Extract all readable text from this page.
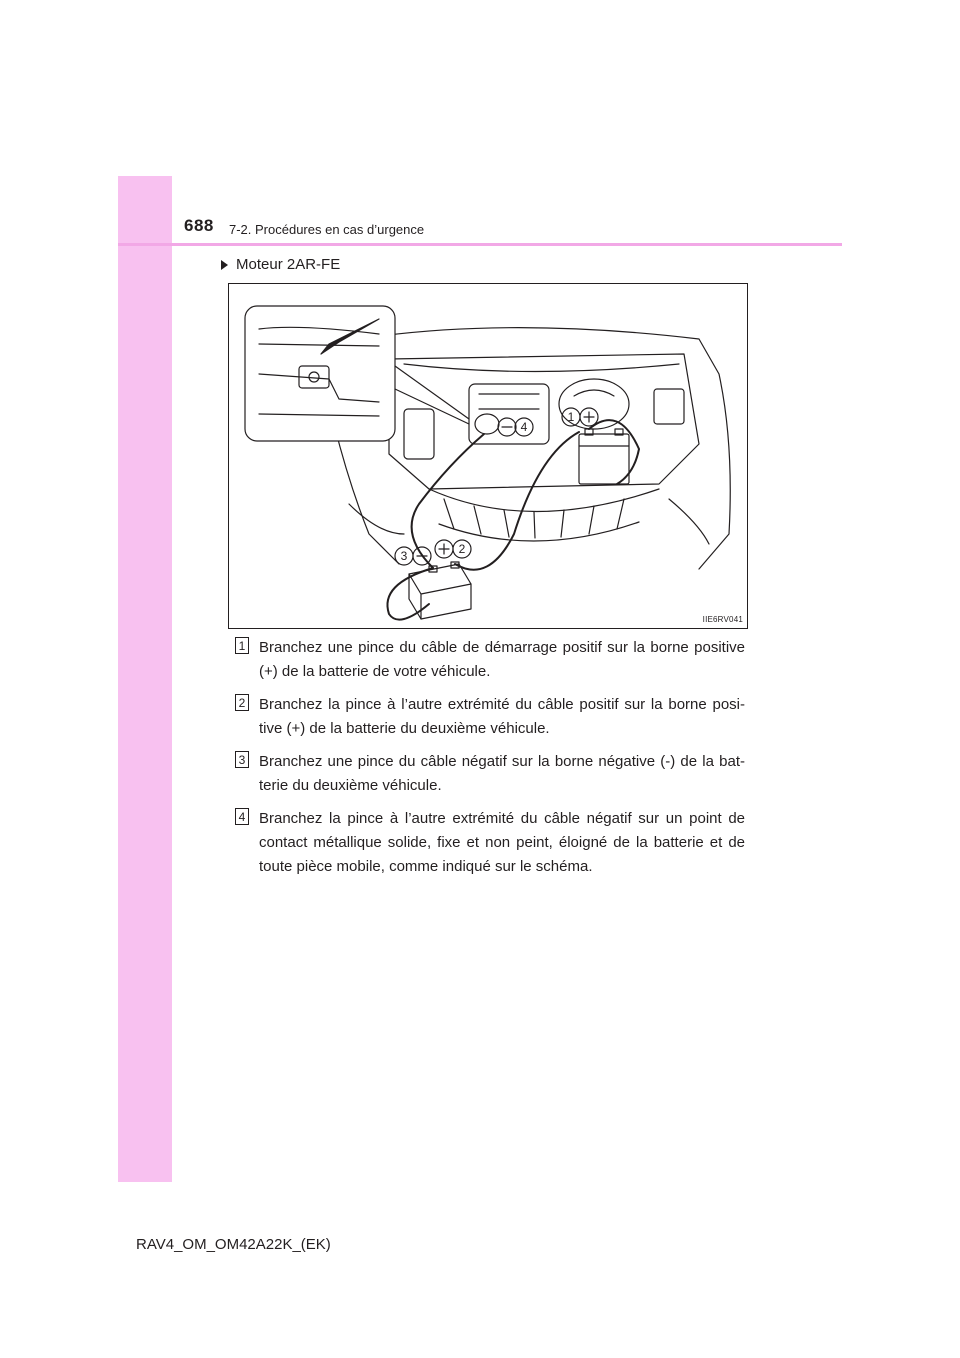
688 7-2. Procédures en cas d’urgence
Moteur 2AR-FE
4
1
3	2
IIE6RV041
1 Branchez une pince du câble de démarrage positif sur la borne positive (+) de la batterie de votre véhicule.

2 Branchez la pince à l’autre extrémité du câble positif sur la borne posi-tive (+) de la batterie du deuxième véhicule.

3 Branchez une pince du câble négatif sur la borne négative (-) de la bat-terie du deuxième véhicule.

4 Branchez la pince à l’autre extrémité du câble négatif sur un point de contact métallique solide, fixe et non peint, éloigné de la batterie et de toute pièce mobile, comme indiqué sur le schéma.

RAV4_OM_OM42A22K_(EK)
